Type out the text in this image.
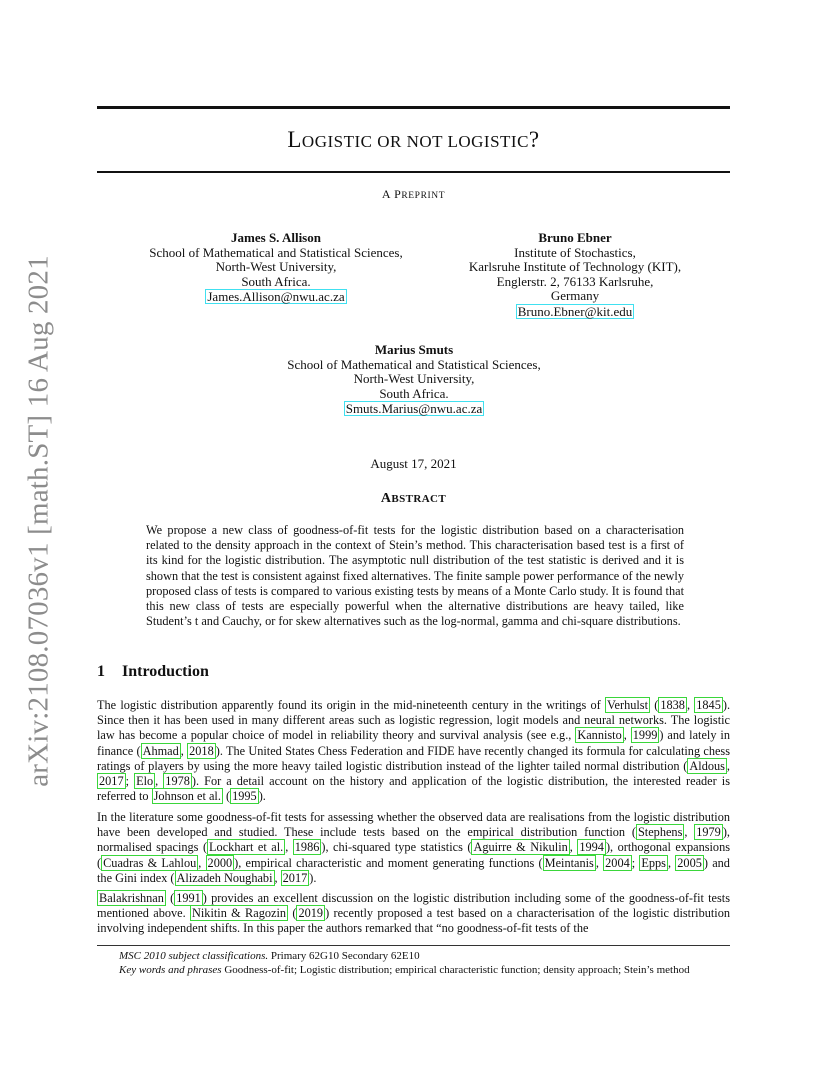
arXiv:2108.07036v1 [math.ST] 16 Aug 2021
LOGISTIC OR NOT LOGISTIC?
A PREPRINT
James S. Allison
School of Mathematical and Statistical Sciences,
North-West University,
South Africa.
James.Allison@nwu.ac.za
Bruno Ebner
Institute of Stochastics,
Karlsruhe Institute of Technology (KIT),
Englerstr. 2, 76133 Karlsruhe,
Germany
Bruno.Ebner@kit.edu
Marius Smuts
School of Mathematical and Statistical Sciences,
North-West University,
South Africa.
Smuts.Marius@nwu.ac.za
August 17, 2021
ABSTRACT
We propose a new class of goodness-of-fit tests for the logistic distribution based on a characterisation related to the density approach in the context of Stein’s method. This characterisation based test is a first of its kind for the logistic distribution. The asymptotic null distribution of the test statistic is derived and it is shown that the test is consistent against fixed alternatives. The finite sample power performance of the newly proposed class of tests is compared to various existing tests by means of a Monte Carlo study. It is found that this new class of tests are especially powerful when the alternative distributions are heavy tailed, like Student’s t and Cauchy, or for skew alternatives such as the log-normal, gamma and chi-square distributions.
1 Introduction
The logistic distribution apparently found its origin in the mid-nineteenth century in the writings of Verhulst ( 1838 , 1845 ). Since then it has been used in many different areas such as logistic regression, logit models and neural networks. The logistic law has become a popular choice of model in reliability theory and survival analysis (see e.g., Kannisto , 1999 ) and lately in finance ( Ahmad , 2018 ). The United States Chess Federation and FIDE have recently changed its formula for calculating chess ratings of players by using the more heavy tailed logistic distribution instead of the lighter tailed normal distribution ( Aldous , 2017 ; Elo , 1978 ). For a detail account on the history and application of the logistic distribution, the interested reader is referred to Johnson et al. ( 1995 ).
In the literature some goodness-of-fit tests for assessing whether the observed data are realisations from the logistic distribution have been developed and studied. These include tests based on the empirical distribution function ( Stephens , 1979 ), normalised spacings ( Lockhart et al. , 1986 ), chi-squared type statistics ( Aguirre & Nikulin , 1994 ), orthogonal expansions ( Cuadras & Lahlou , 2000 ), empirical characteristic and moment generating functions ( Meintanis , 2004 ; Epps , 2005 ) and the Gini index ( Alizadeh Noughabi , 2017 ).
Balakrishnan ( 1991 ) provides an excellent discussion on the logistic distribution including some of the goodness-of-fit tests mentioned above. Nikitin & Ragozin ( 2019 ) recently proposed a test based on a characterisation of the logistic distribution involving independent shifts. In this paper the authors remarked that “no goodness-of-fit tests of the
MSC 2010 subject classifications. Primary 62G10 Secondary 62E10
Key words and phrases Goodness-of-fit; Logistic distribution; empirical characteristic function; density approach; Stein’s method
